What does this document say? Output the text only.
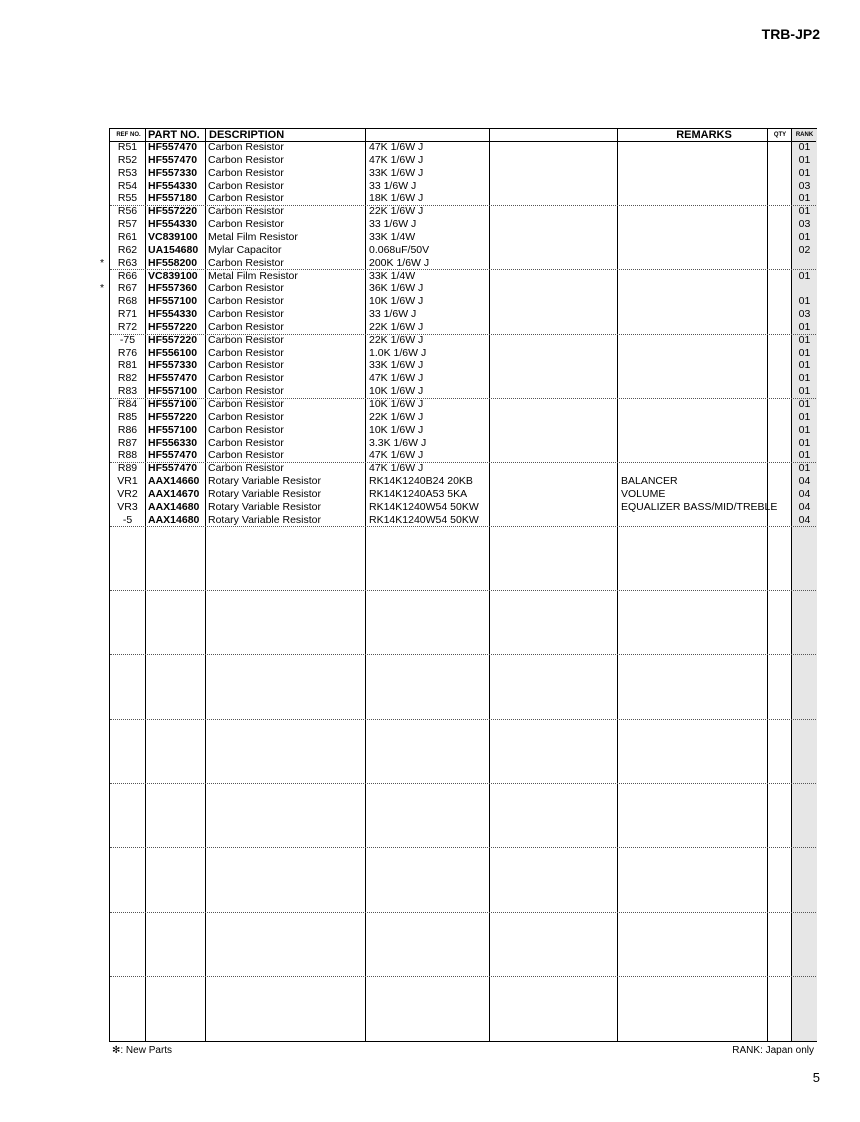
TRB-JP2
REF NO. PART NO. DESCRIPTION	REMARKS	QTY	RANK
R51	HF557470 Carbon Resistor	47K 1/6W J	01
R52	HF557470 Carbon Resistor	47K 1/6W J	01
R53	HF557330 Carbon Resistor	33K 1/6W J	01
R54	HF554330 Carbon Resistor	33 1/6W J	03
R55	HF557180 Carbon Resistor	18K 1/6W J	01
R56	HF557220 Carbon Resistor	22K 1/6W J	01
R57	HF554330 Carbon Resistor	33 1/6W J	03
R61	VC839100 Metal Film Resistor	33K 1/4W	01
R62	UA154680 Mylar Capacitor	0.068uF/50V	02
*	R63	HF558200 Carbon Resistor	200K 1/6W J
R66	VC839100 Metal Film Resistor	33K 1/4W	01
*	R67	HF557360 Carbon Resistor	36K 1/6W J
R68	HF557100 Carbon Resistor	10K 1/6W J	01
R71	HF554330 Carbon Resistor	33 1/6W J	03
R72	HF557220 Carbon Resistor	22K 1/6W J	01
-75	HF557220 Carbon Resistor	22K 1/6W J	01
R76	HF556100 Carbon Resistor	1.0K 1/6W J	01
R81	HF557330 Carbon Resistor	33K 1/6W J	01
R82	HF557470 Carbon Resistor	47K 1/6W J	01
R83	HF557100 Carbon Resistor	10K 1/6W J	01
R84	HF557100 Carbon Resistor	10K 1/6W J	01
R85	HF557220 Carbon Resistor	22K 1/6W J	01
R86	HF557100 Carbon Resistor	10K 1/6W J	01
R87	HF556330 Carbon Resistor	3.3K 1/6W J	01
R88	HF557470 Carbon Resistor	47K 1/6W J	01
R89	HF557470 Carbon Resistor	47K 1/6W J	01
VR1 AAX14660 Rotary Variable Resistor	RK14K1240B24 20KB	BALANCER	04
VR2 AAX14670 Rotary Variable Resistor	RK14K1240A53 5KA	VOLUME	04
VR3 AAX14680 Rotary Variable Resistor	RK14K1240W54 50KW	EQUALIZER BASS/MID/TREBLE	04
-5	AAX14680 Rotary Variable Resistor	RK14K1240W54 50KW	04
✻: New Parts	RANK: Japan only
5
